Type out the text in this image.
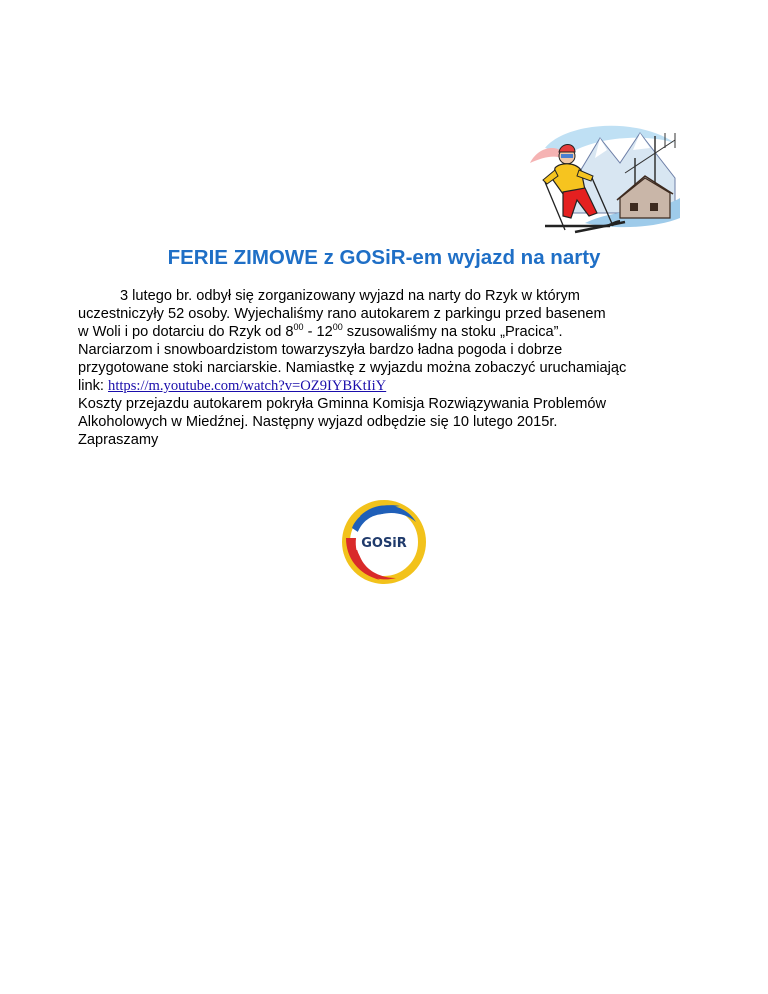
FERIE ZIMOWE z GOSiR-em wyjazd na narty

3 lutego br. odbył się zorganizowany wyjazd na narty do Rzyk w którym

uczestniczyły 52 osoby. Wyjechaliśmy rano autokarem z parkingu przed basenem

w Woli i po dotarciu do Rzyk od $8^{00} - 12^{00}$ szusowaliśmy na stoku „Pracica”.

Narciarzom i snowboardzistom towarzyszyła bardzo ładna pogoda i dobrze

przygotowane stoki narciarskie. Namiastkę z wyjazdu można zobaczyć uruchamiając

link: https://m.youtube.com/watch?v=OZ9IYBKtIiY

Koszty przejazdu autokarem pokryła Gminna Komisja Rozwiązywania Problemów

Alkoholowych w Miedźnej. Następny wyjazd odbędzie się 10 lutego 2015r.

Zapraszamy

GOSiR
